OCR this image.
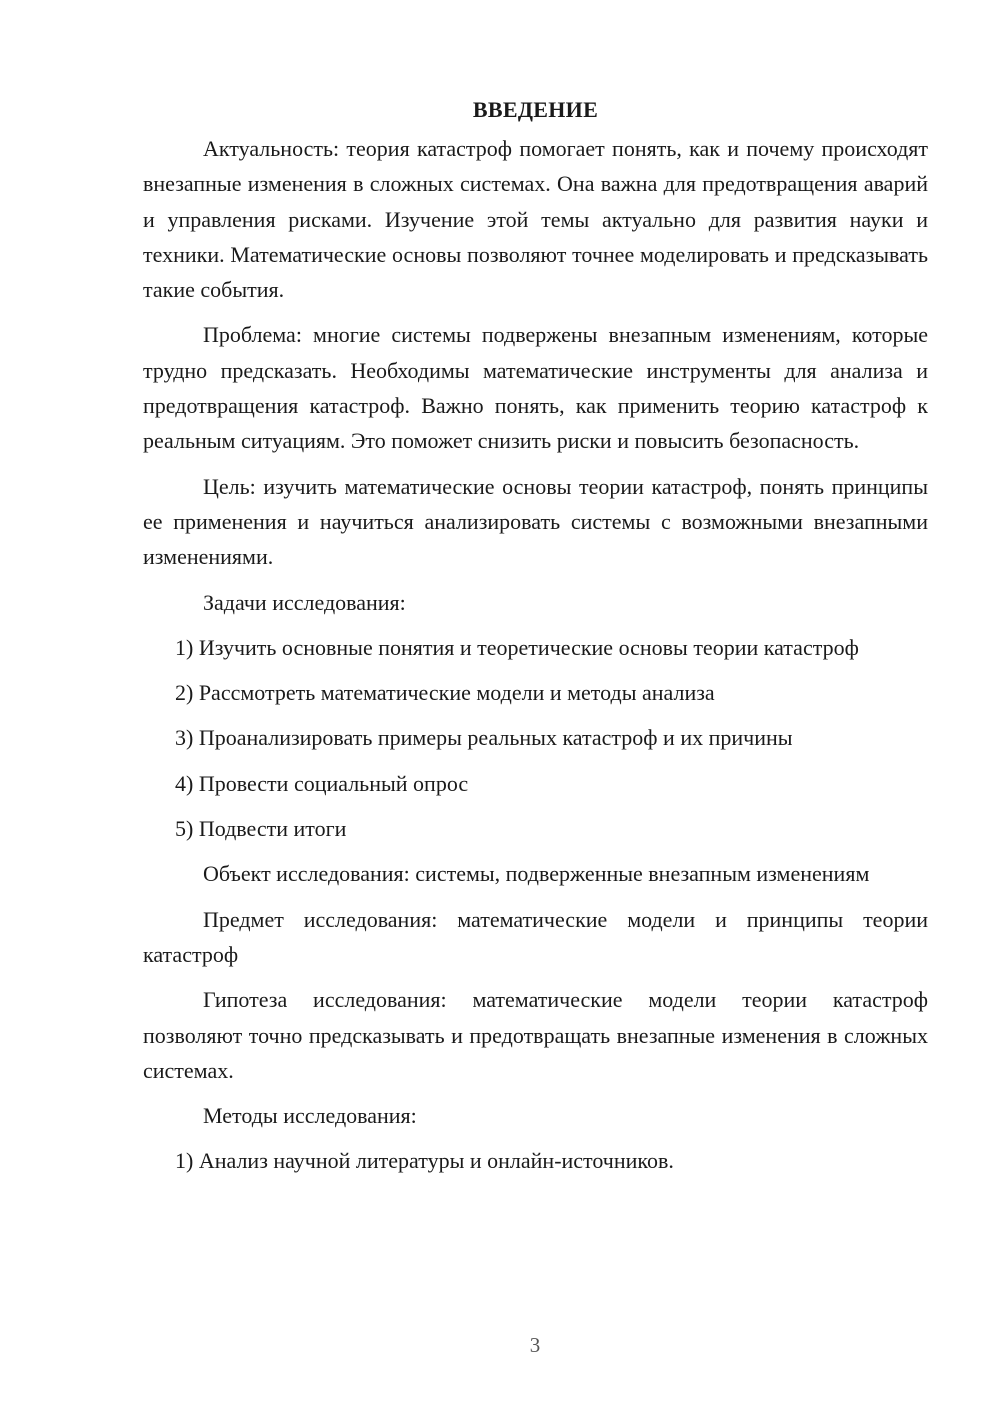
ВВЕДЕНИЕ

Актуальность: теория катастроф помогает понять, как и почему происходят внезапные изменения в сложных системах. Она важна для предотвращения аварий и управления рисками. Изучение этой темы актуально для развития науки и техники. Математические основы позволяют точнее моделировать и предсказывать такие события.

Проблема: многие системы подвержены внезапным изменениям, которые трудно предсказать. Необходимы математические инструменты для анализа и предотвращения катастроф. Важно понять, как применить теорию катастроф к реальным ситуациям. Это поможет снизить риски и повысить безопасность.

Цель: изучить математические основы теории катастроф, понять принципы ее применения и научиться анализировать системы с возможными внезапными изменениями.

Задачи исследования:

1) Изучить основные понятия и теоретические основы теории катастроф

2) Рассмотреть математические модели и методы анализа

3) Проанализировать примеры реальных катастроф и их причины

4) Провести социальный опрос

5) Подвести итоги

Объект исследования: системы, подверженные внезапным изменениям

Предмет исследования: математические модели и принципы теории катастроф

Гипотеза исследования: математические модели теории катастроф позволяют точно предсказывать и предотвращать внезапные изменения в сложных системах.

Методы исследования:

1) Анализ научной литературы и онлайн-источников.

3
